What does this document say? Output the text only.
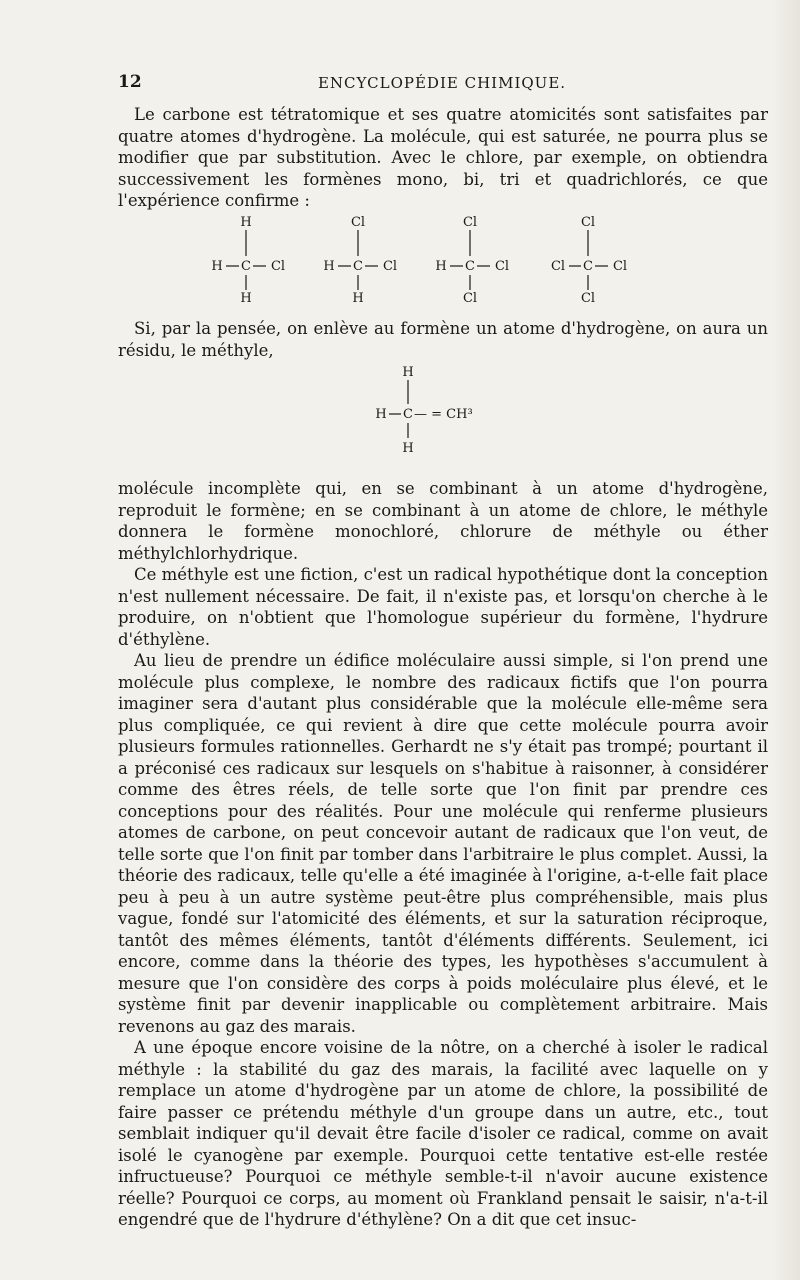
12	ENCYCLOPÉDIE CHIMIQUE.

Le carbone est tétratomique et ses quatre atomicités sont satisfaites par quatre atomes d'hydrogène. La molécule, qui est saturée, ne pourra plus se modifier que par substitution. Avec le chlore, par exemple, on obtiendra successivement les formènes mono, bi, tri et quadrichlorés, ce que l'expérience confirme :

H
H C Cl
H
Cl
H C Cl
H
Cl
H C Cl
Cl
Cl
Cl C Cl
Cl
H
H C — = CH³
H

Si, par la pensée, on enlève au formène un atome d'hydrogène, on aura un résidu, le méthyle,

molécule incomplète qui, en se combinant à un atome d'hydrogène, reproduit le formène; en se combinant à un atome de chlore, le méthyle donnera le formène monochloré, chlorure de méthyle ou éther méthylchlorhydrique.

Ce méthyle est une fiction, c'est un radical hypothétique dont la conception n'est nullement nécessaire. De fait, il n'existe pas, et lorsqu'on cherche à le produire, on n'obtient que l'homologue supérieur du formène, l'hydrure d'éthylène.

Au lieu de prendre un édifice moléculaire aussi simple, si l'on prend une molécule plus complexe, le nombre des radicaux fictifs que l'on pourra imaginer sera d'autant plus considérable que la molécule elle-même sera plus compliquée, ce qui revient à dire que cette molécule pourra avoir plusieurs formules rationnelles. Gerhardt ne s'y était pas trompé; pourtant il a préconisé ces radicaux sur lesquels on s'habitue à raisonner, à considérer comme des êtres réels, de telle sorte que l'on finit par prendre ces conceptions pour des réalités. Pour une molécule qui renferme plusieurs atomes de carbone, on peut concevoir autant de radicaux que l'on veut, de telle sorte que l'on finit par tomber dans l'arbitraire le plus complet. Aussi, la théorie des radicaux, telle qu'elle a été imaginée à l'origine, a-t-elle fait place peu à peu à un autre système peut-être plus compréhensible, mais plus vague, fondé sur l'atomicité des éléments, et sur la saturation réciproque, tantôt des mêmes éléments, tantôt d'éléments différents. Seulement, ici encore, comme dans la théorie des types, les hypothèses s'accumulent à mesure que l'on considère des corps à poids moléculaire plus élevé, et le système finit par devenir inapplicable ou complètement arbitraire. Mais revenons au gaz des marais.

A une époque encore voisine de la nôtre, on a cherché à isoler le radical méthyle : la stabilité du gaz des marais, la facilité avec laquelle on y remplace un atome d'hydrogène par un atome de chlore, la possibilité de faire passer ce prétendu méthyle d'un groupe dans un autre, etc., tout semblait indiquer qu'il devait être facile d'isoler ce radical, comme on avait isolé le cyanogène par exemple. Pourquoi cette tentative est-elle restée infructueuse? Pourquoi ce méthyle semble-t-il n'avoir aucune existence réelle? Pourquoi ce corps, au moment où Frankland pensait le saisir, n'a-t-il engendré que de l'hydrure d'éthylène? On a dit que cet insuc-
